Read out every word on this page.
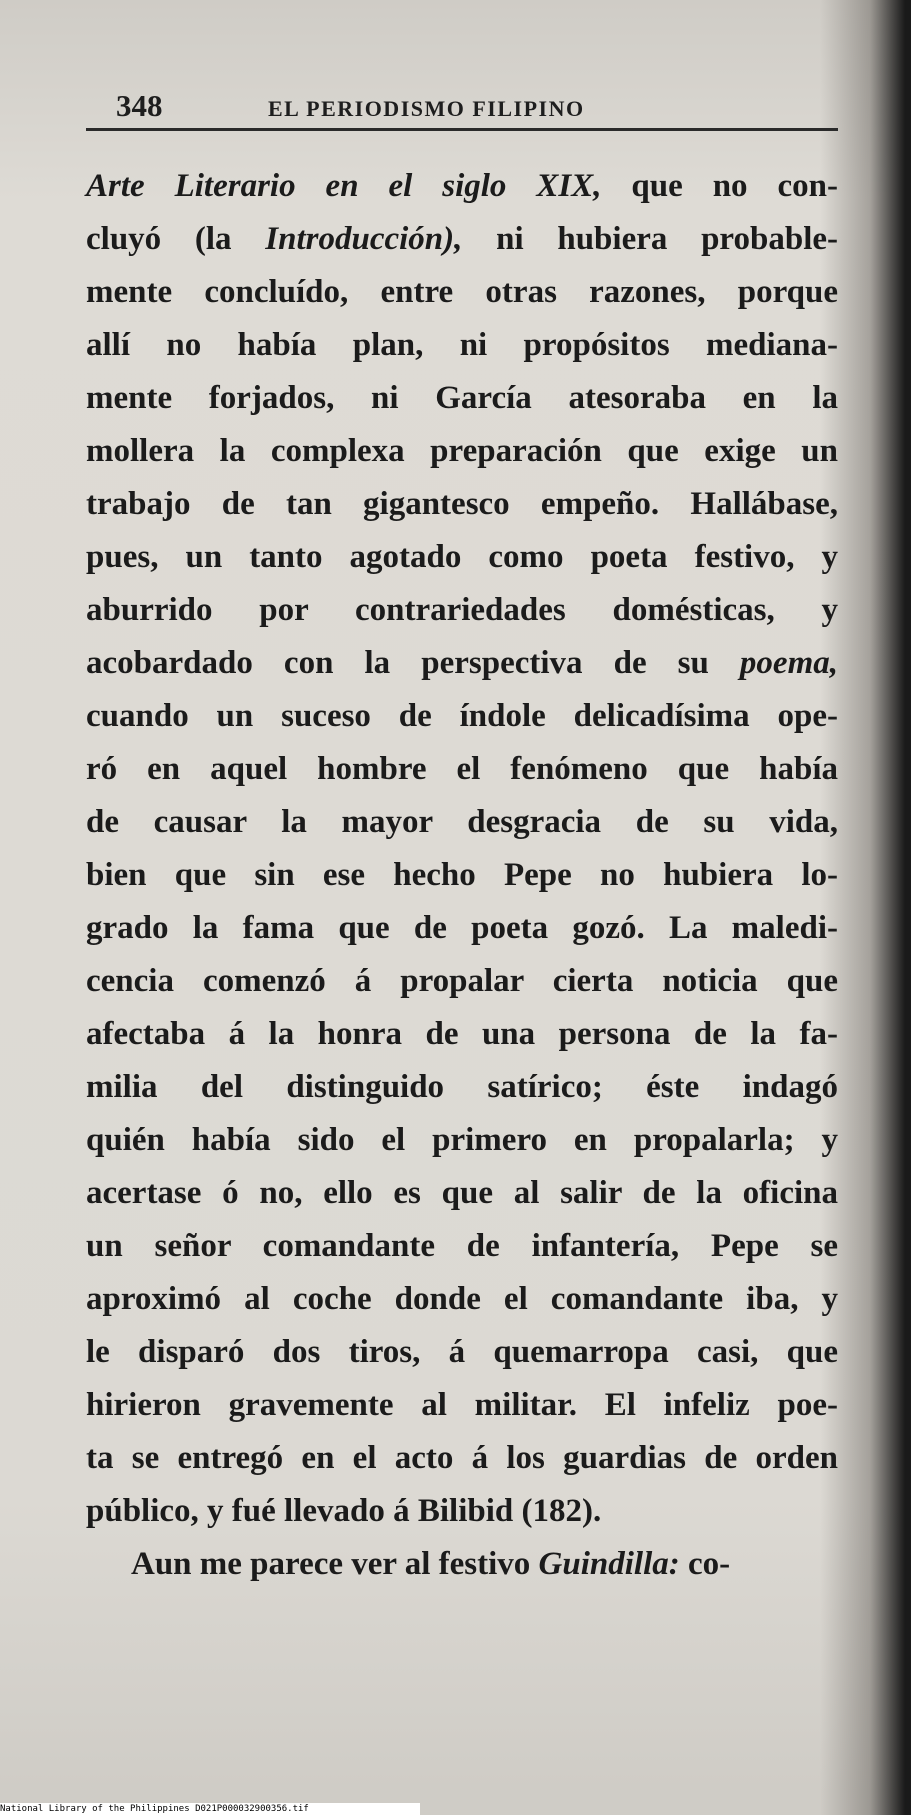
348	EL PERIODISMO FILIPINO
Arte Literario en el siglo XIX, que no con-
cluyó (la Introducción), ni hubiera probable-
mente concluído, entre otras razones, porque
allí no había plan, ni propósitos mediana-
mente forjados, ni García atesoraba en la
mollera la complexa preparación que exige un
trabajo de tan gigantesco empeño. Hallábase,
pues, un tanto agotado como poeta festivo, y
aburrido por contrariedades domésticas, y
acobardado con la perspectiva de su poema,
cuando un suceso de índole delicadísima ope-
ró en aquel hombre el fenómeno que había
de causar la mayor desgracia de su vida,
bien que sin ese hecho Pepe no hubiera lo-
grado la fama que de poeta gozó. La maledi-
cencia comenzó á propalar cierta noticia que
afectaba á la honra de una persona de la fa-
milia del distinguido satírico; éste indagó
quién había sido el primero en propalarla; y
acertase ó no, ello es que al salir de la oficina
un señor comandante de infantería, Pepe se
aproximó al coche donde el comandante iba, y
le disparó dos tiros, á quemarropa casi, que
hirieron gravemente al militar. El infeliz poe-
ta se entregó en el acto á los guardias de orden
público, y fué llevado á Bilibid (182).
Aun me parece ver al festivo Guindilla: co-
National Library of the Philippines D021P000032900356.tif
